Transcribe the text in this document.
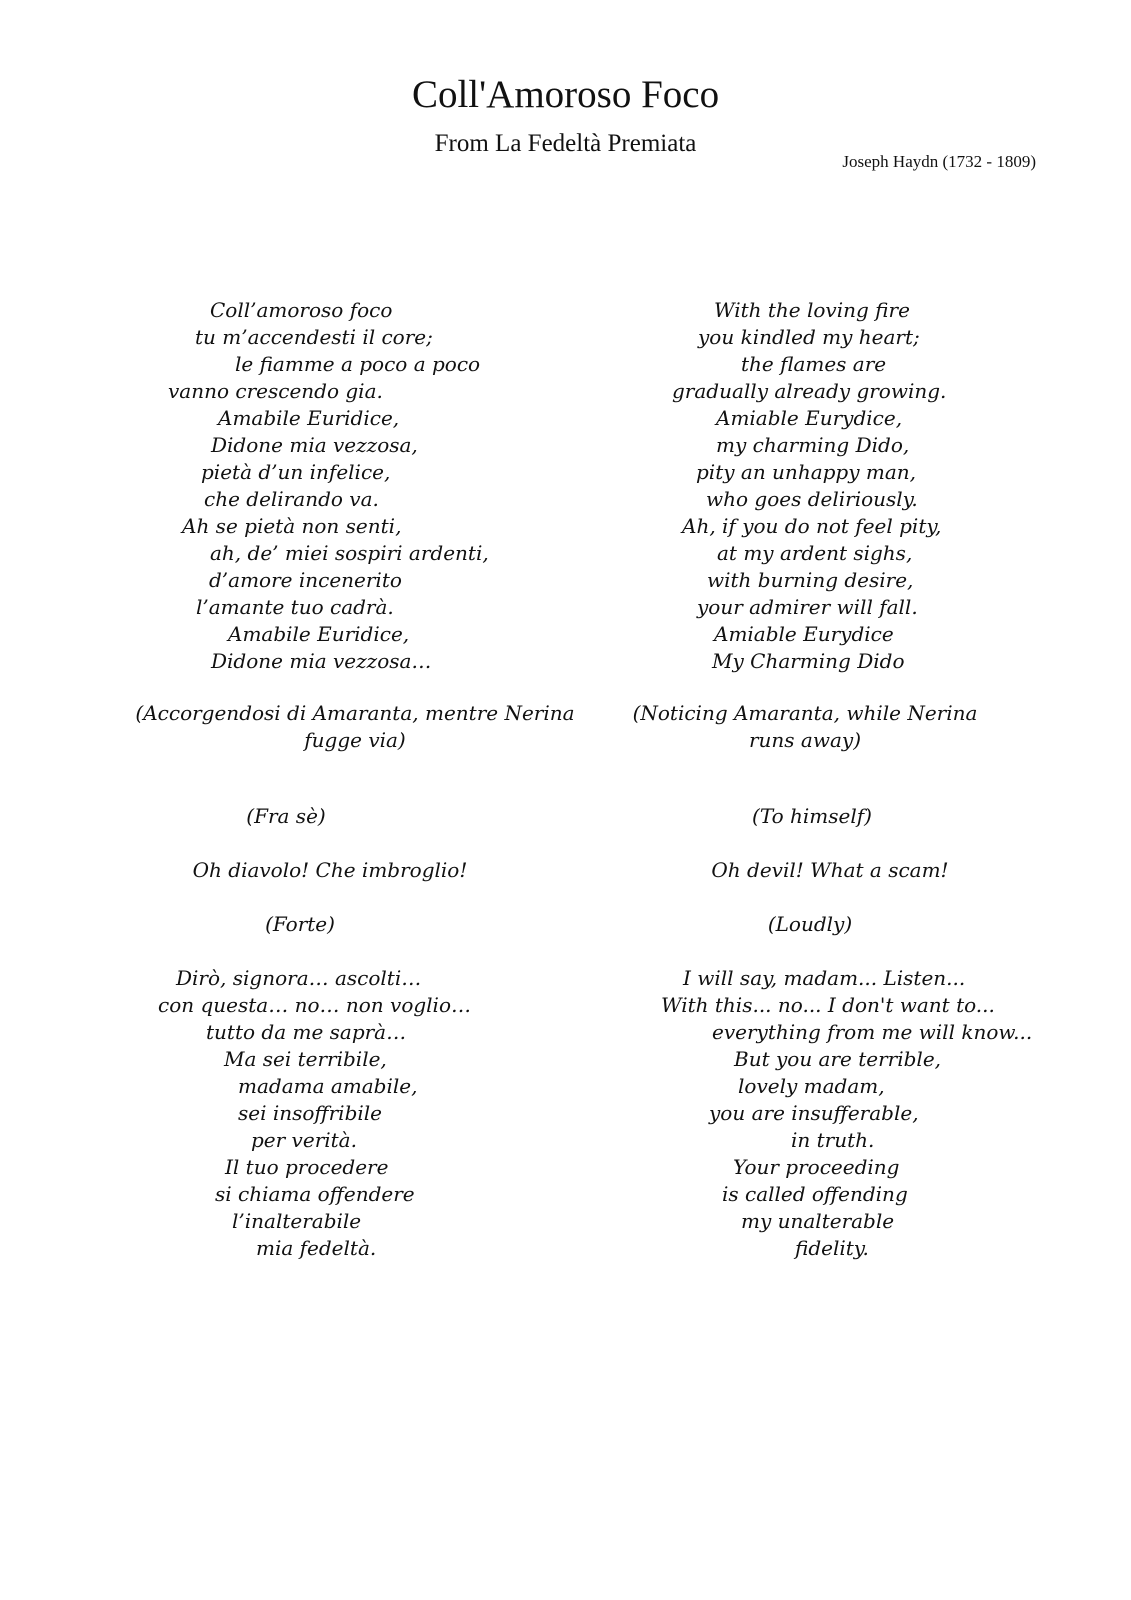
Coll'Amoroso Foco
From La Fedeltà Premiata
Joseph Haydn (1732 - 1809)
Coll’amoroso foco
tu m’accendesti il core;
le fiamme a poco a poco
vanno crescendo gia.
Amabile Euridice,
Didone mia vezzosa,
pietà d’un infelice,
che delirando va.
Ah se pietà non senti,
ah, de’ miei sospiri ardenti,
d’amore incenerito
l’amante tuo cadrà.
Amabile Euridice,
Didone mia vezzosa…
(Accorgendosi di Amaranta, mentre Nerina
fugge via)
(Fra sè)
Oh diavolo! Che imbroglio!
(Forte)
Dirò, signora… ascolti…
con questa… no… non voglio…
tutto da me saprà…
Ma sei terribile,
madama amabile,
sei insoffribile
per verità.
Il tuo procedere
si chiama offendere
l’inalterabile
mia fedeltà.
With the loving fire
you kindled my heart;
the flames are
gradually already growing.
Amiable Eurydice,
my charming Dido,
pity an unhappy man,
who goes deliriously.
Ah, if you do not feel pity,
at my ardent sighs,
with burning desire,
your admirer will fall.
Amiable Eurydice
My Charming Dido
(Noticing Amaranta, while Nerina
runs away)
(To himself)
Oh devil! What a scam!
(Loudly)
I will say, madam... Listen...
With this... no... I don't want to...
everything from me will know...
But you are terrible,
lovely madam,
you are insufferable,
in truth.
Your proceeding
is called offending
my unalterable
fidelity.
